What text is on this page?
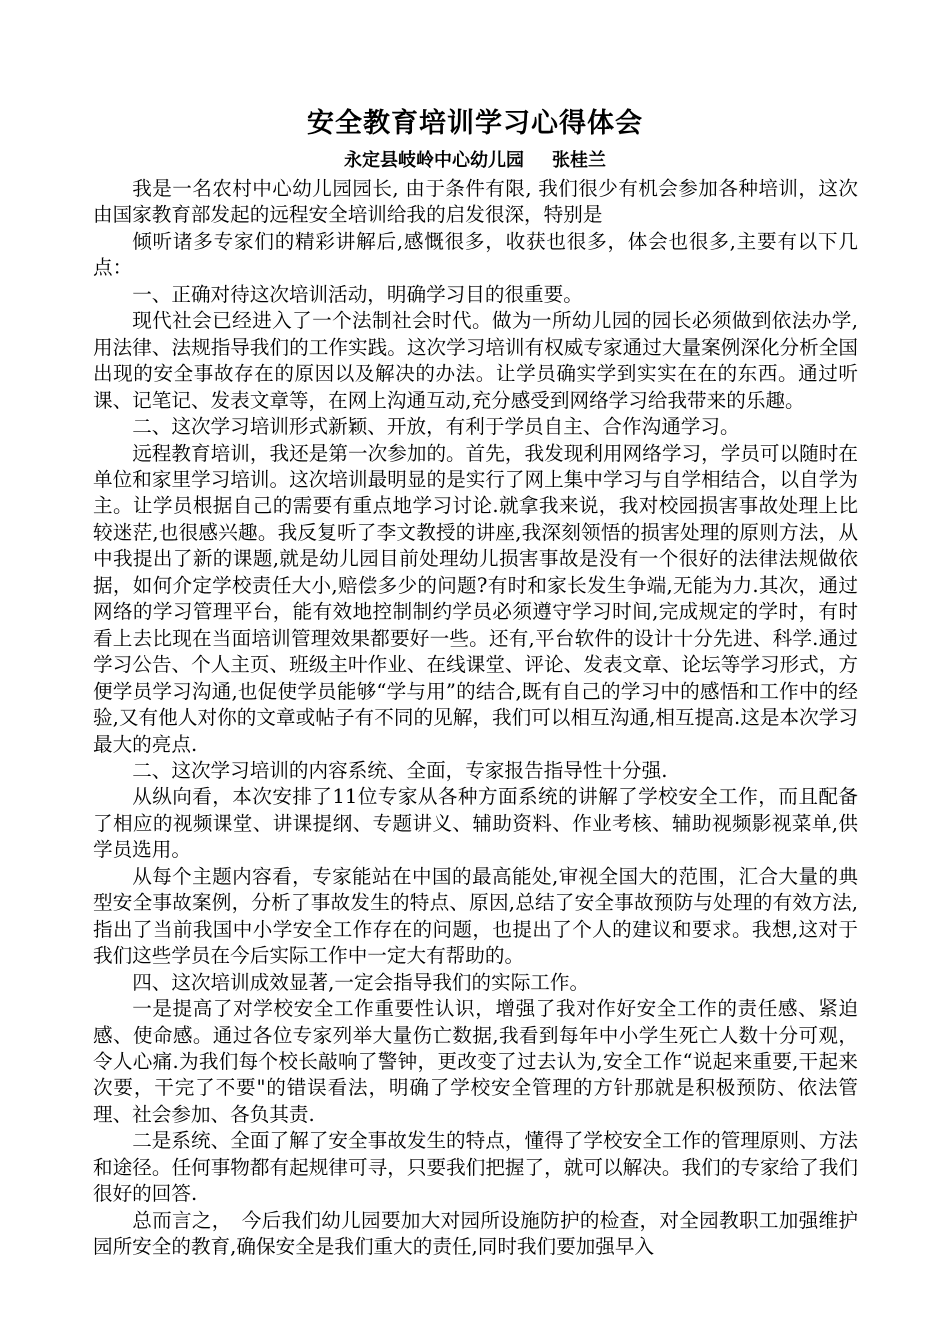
安全教育培训学习心得体会
永定县岐岭中心幼儿园 张桂兰

我是一名农村中心幼儿园园长, 由于条件有限, 我们很少有机会参加各种培训，这次由国家教育部发起的远程安全培训给我的启发很深，特别是

倾听诸多专家们的精彩讲解后,感慨很多，收获也很多，体会也很多,主要有以下几点：

一、正确对待这次培训活动，明确学习目的很重要。

现代社会已经进入了一个法制社会时代。做为一所幼儿园的园长必须做到依法办学,用法律、法规指导我们的工作实践。这次学习培训有权威专家通过大量案例深化分析全国出现的安全事故存在的原因以及解决的办法。让学员确实学到实实在在的东西。通过听课、记笔记、发表文章等，在网上沟通互动,充分感受到网络学习给我带来的乐趣。

二、这次学习培训形式新颖、开放，有利于学员自主、合作沟通学习。

远程教育培训，我还是第一次参加的。首先，我发现利用网络学习，学员可以随时在单位和家里学习培训。这次培训最明显的是实行了网上集中学习与自学相结合，以自学为主。让学员根据自己的需要有重点地学习讨论.就拿我来说，我对校园损害事故处理上比较迷茫,也很感兴趣。我反复听了李文教授的讲座,我深刻领悟的损害处理的原则方法，从中我提出了新的课题,就是幼儿园目前处理幼儿损害事故是没有一个很好的法律法规做依据，如何介定学校责任大小,赔偿多少的问题?有时和家长发生争端,无能为力.其次，通过网络的学习管理平台，能有效地控制制约学员必须遵守学习时间,完成规定的学时，有时看上去比现在当面培训管理效果都要好一些。还有,平台软件的设计十分先进、科学.通过学习公告、个人主页、班级主叶作业、在线课堂、评论、发表文章、论坛等学习形式，方便学员学习沟通,也促使学员能够“学与用”的结合,既有自己的学习中的感悟和工作中的经验,又有他人对你的文章或帖子有不同的见解，我们可以相互沟通,相互提高.这是本次学习最大的亮点.

二、这次学习培训的内容系统、全面，专家报告指导性十分强.

从纵向看，本次安排了11位专家从各种方面系统的讲解了学校安全工作，而且配备了相应的视频课堂、讲课提纲、专题讲义、辅助资料、作业考核、辅助视频影视菜单,供学员选用。

从每个主题内容看，专家能站在中国的最高能处,审视全国大的范围，汇合大量的典型安全事故案例，分析了事故发生的特点、原因,总结了安全事故预防与处理的有效方法,指出了当前我国中小学安全工作存在的问题，也提出了个人的建议和要求。我想,这对于我们这些学员在今后实际工作中一定大有帮助的。

四、这次培训成效显著,一定会指导我们的实际工作。

一是提高了对学校安全工作重要性认识，增强了我对作好安全工作的责任感、紧迫感、使命感。通过各位专家列举大量伤亡数据,我看到每年中小学生死亡人数十分可观，令人心痛.为我们每个校长敲响了警钟，更改变了过去认为,安全工作“说起来重要,干起来次要，干完了不要"的错误看法，明确了学校安全管理的方针那就是积极预防、依法管理、社会参加、各负其责.

二是系统、全面了解了安全事故发生的特点，懂得了学校安全工作的管理原则、方法和途径。任何事物都有起规律可寻，只要我们把握了，就可以解决。我们的专家给了我们很好的回答.

总而言之，　今后我们幼儿园要加大对园所设施防护的检查，对全园教职工加强维护园所安全的教育,确保安全是我们重大的责任,同时我们要加强早入
